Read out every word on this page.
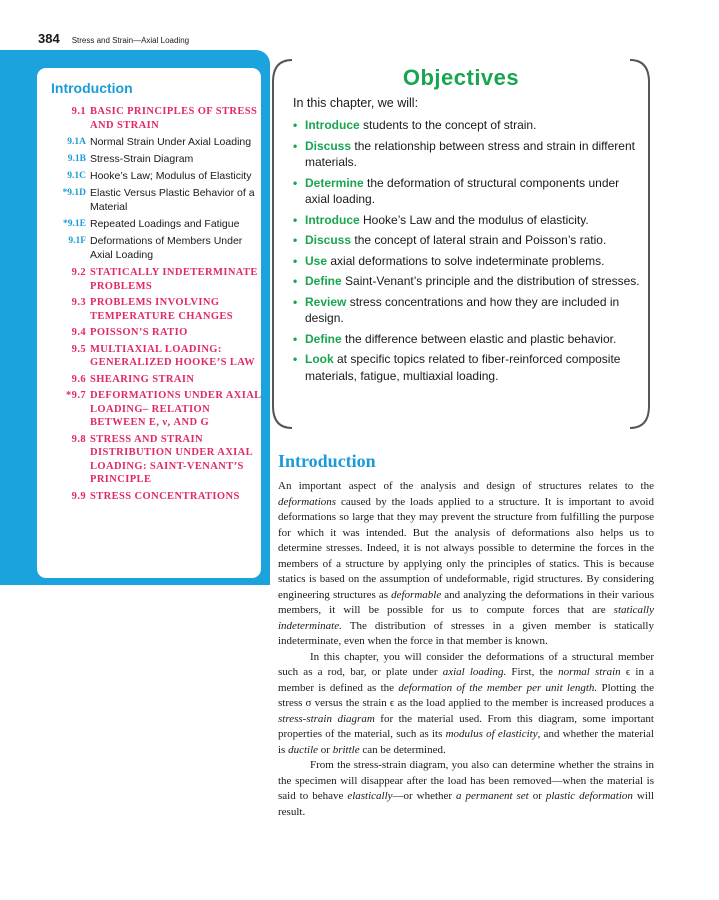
384 Stress and Strain—Axial Loading
Introduction
9.1 BASIC PRINCIPLES OF STRESS AND STRAIN
9.1A Normal Strain Under Axial Loading
9.1B Stress-Strain Diagram
9.1C Hooke’s Law; Modulus of Elasticity
*9.1D Elastic Versus Plastic Behavior of a Material
*9.1E Repeated Loadings and Fatigue
9.1F Deformations of Members Under Axial Loading
9.2 STATICALLY INDETERMINATE PROBLEMS
9.3 PROBLEMS INVOLVING TEMPERATURE CHANGES
9.4 POISSON’S RATIO
9.5 MULTIAXIAL LOADING: GENERALIZED HOOKE’S LAW
9.6 SHEARING STRAIN
*9.7 DEFORMATIONS UNDER AXIAL LOADING– RELATION BETWEEN E, ν, AND G
9.8 STRESS AND STRAIN DISTRIBUTION UNDER AXIAL LOADING: SAINT-VENANT’S PRINCIPLE
9.9 STRESS CONCENTRATIONS
Objectives
In this chapter, we will:
• Introduce students to the concept of strain.
• Discuss the relationship between stress and strain in different materials.
• Determine the deformation of structural components under axial loading.
• Introduce Hooke’s Law and the modulus of elasticity.
• Discuss the concept of lateral strain and Poisson’s ratio.
• Use axial deformations to solve indeterminate problems.
• Define Saint-Venant’s principle and the distribution of stresses.
• Review stress concentrations and how they are included in design.
• Define the difference between elastic and plastic behavior.
• Look at specific topics related to fiber-reinforced composite materials, fatigue, multiaxial loading.
Introduction

An important aspect of the analysis and design of structures relates to the deformations caused by the loads applied to a structure. It is important to avoid deformations so large that they may prevent the structure from fulfilling the purpose for which it was intended. But the analysis of deformations also helps us to determine stresses. Indeed, it is not always possible to determine the forces in the members of a structure by applying only the principles of statics. This is because statics is based on the assumption of undeformable, rigid structures. By considering engineering structures as deformable and analyzing the deformations in their various members, it will be possible for us to compute forces that are statically indeterminate. The distribution of stresses in a given member is statically indeterminate, even when the force in that member is known.

In this chapter, you will consider the deformations of a structural member such as a rod, bar, or plate under axial loading. First, the normal strain ϵ in a member is defined as the deformation of the member per unit length. Plotting the stress σ versus the strain ϵ as the load applied to the member is increased produces a stress-strain diagram for the material used. From this diagram, some important properties of the material, such as its modulus of elasticity, and whether the material is ductile or brittle can be determined.

From the stress-strain diagram, you also can determine whether the strains in the specimen will disappear after the load has been removed—when the material is said to behave elastically—or whether a permanent set or plastic deformation will result.
